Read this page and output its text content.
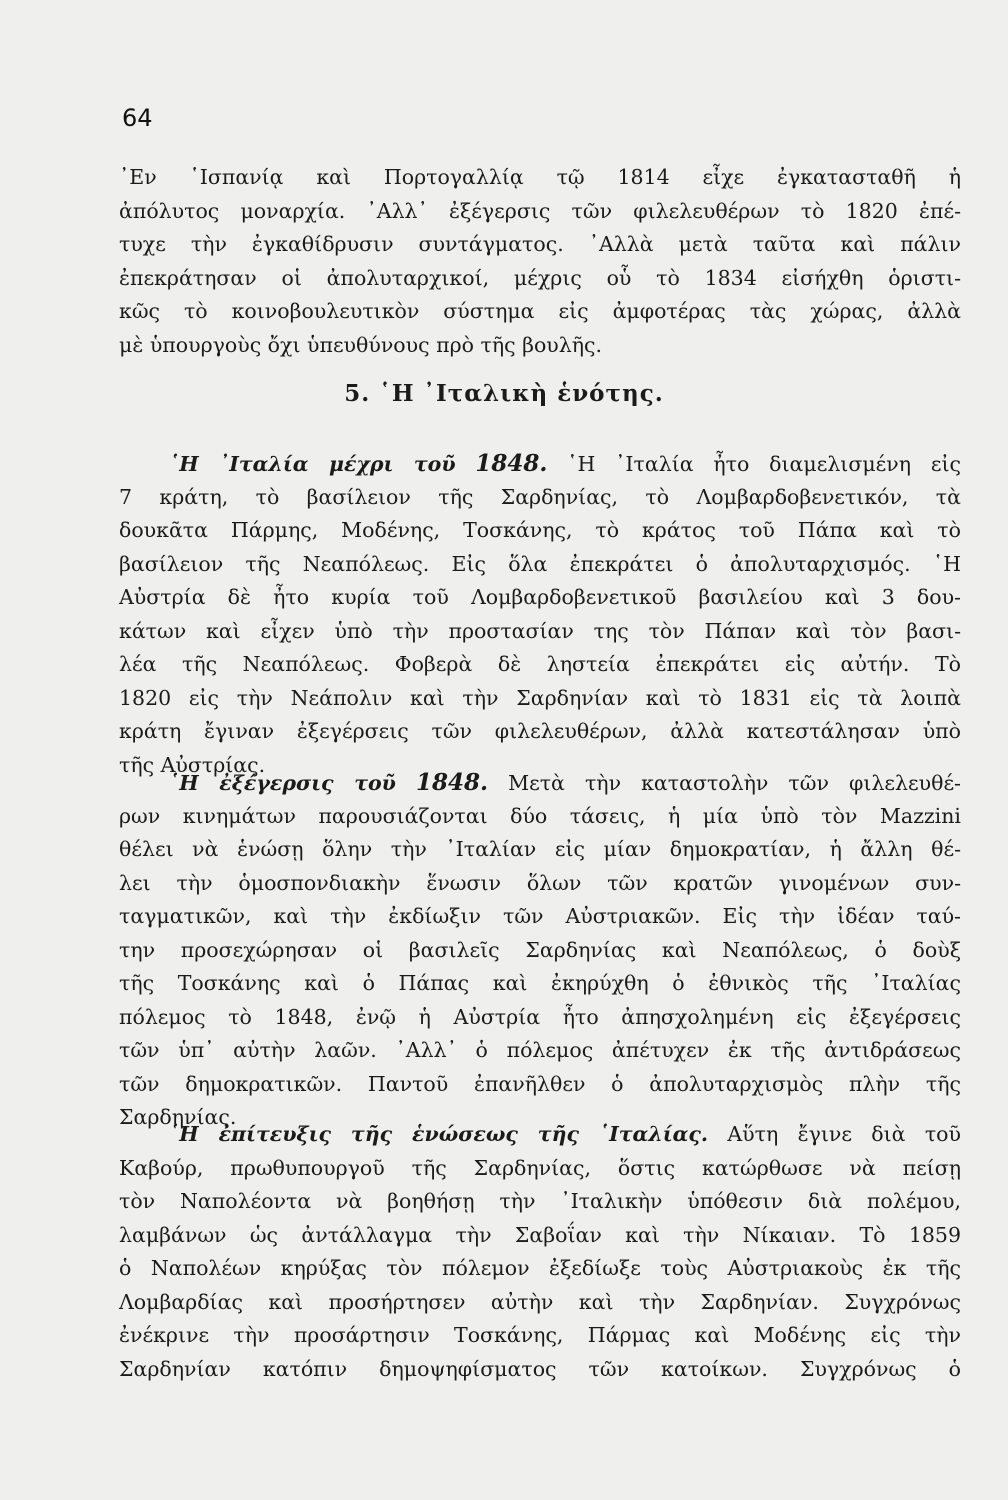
64
᾿Εν ῾Ισπανίᾳ καὶ Πορτογαλλίᾳ τῷ 1814 εἶχε ἐγκατασταθῆ ἡ
ἀπόλυτος μοναρχία. ᾿Αλλ᾿ ἐξέγερσις τῶν φιλελευθέρων τὸ 1820 ἐπέ-
τυχε τὴν ἐγκαθίδρυσιν συντάγματος. ᾿Αλλὰ μετὰ ταῦτα καὶ πάλιν
ἐπεκράτησαν οἱ ἀπολυταρχικοί, μέχρις οὗ τὸ 1834 εἰσήχθη ὁριστι-
κῶς τὸ κοινοβουλευτικὸν σύστημα εἰς ἀμφοτέρας τὰς χώρας, ἀλλὰ
μὲ ὑπουργοὺς ὄχι ὑπευθύνους πρὸ τῆς βουλῆς.
5. ῾Η ᾿Ιταλικὴ ἑνότης.
῾Η ᾿Ιταλία μέχρι τοῦ 1848. ῾Η ᾿Ιταλία ἦτο διαμελισμένη εἰς
7 κράτη, τὸ βασίλειον τῆς Σαρδηνίας, τὸ Λομβαρδοβενετικόν, τὰ
δουκᾶτα Πάρμης, Μοδένης, Τοσκάνης, τὸ κράτος τοῦ Πάπα καὶ τὸ
βασίλειον τῆς Νεαπόλεως. Εἰς ὅλα ἐπεκράτει ὁ ἀπολυταρχισμός. ῾Η
Αὐστρία δὲ ἦτο κυρία τοῦ Λομβαρδοβενετικοῦ βασιλείου καὶ 3 δου-
κάτων καὶ εἶχεν ὑπὸ τὴν προστασίαν της τὸν Πάπαν καὶ τὸν βασι-
λέα τῆς Νεαπόλεως. Φοβερὰ δὲ ληστεία ἐπεκράτει εἰς αὐτήν. Τὸ
1820 εἰς τὴν Νεάπολιν καὶ τὴν Σαρδηνίαν καὶ τὸ 1831 εἰς τὰ λοιπὰ
κράτη ἔγιναν ἐξεγέρσεις τῶν φιλελευθέρων, ἀλλὰ κατεστάλησαν ὑπὸ
τῆς Αὐστρίας.
῾Η ἐξέγερσις τοῦ 1848. Μετὰ τὴν καταστολὴν τῶν φιλελευθέ-
ρων κινημάτων παρουσιάζονται δύο τάσεις, ἡ μία ὑπὸ τὸν Mazzini
θέλει νὰ ἑνώσῃ ὅλην τὴν ᾿Ιταλίαν εἰς μίαν δημοκρατίαν, ἡ ἄλλη θέ-
λει τὴν ὁμοσπονδιακὴν ἕνωσιν ὅλων τῶν κρατῶν γινομένων συν-
ταγματικῶν, καὶ τὴν ἐκδίωξιν τῶν Αὐστριακῶν. Εἰς τὴν ἰδέαν ταύ-
την προσεχώρησαν οἱ βασιλεῖς Σαρδηνίας καὶ Νεαπόλεως, ὁ δοὺξ
τῆς Τοσκάνης καὶ ὁ Πάπας καὶ ἐκηρύχθη ὁ ἐθνικὸς τῆς ᾿Ιταλίας
πόλεμος τὸ 1848, ἐνῷ ἡ Αὐστρία ἦτο ἀπησχολημένη εἰς ἐξεγέρσεις
τῶν ὑπ᾿ αὐτὴν λαῶν. ᾿Αλλ᾿ ὁ πόλεμος ἀπέτυχεν ἐκ τῆς ἀντιδράσεως
τῶν δημοκρατικῶν. Παντοῦ ἐπανῆλθεν ὁ ἀπολυταρχισμὸς πλὴν τῆς
Σαρδηνίας.
῾Η ἐπίτευξις τῆς ἑνώσεως τῆς ῾Ιταλίας. Αὕτη ἔγινε διὰ τοῦ
Καβούρ, πρωθυπουργοῦ τῆς Σαρδηνίας, ὅστις κατώρθωσε νὰ πείσῃ
τὸν Ναπολέοντα νὰ βοηθήσῃ τὴν ᾿Ιταλικὴν ὑπόθεσιν διὰ πολέμου,
λαμβάνων ὡς ἀντάλλαγμα τὴν Σαβοΐαν καὶ τὴν Νίκαιαν. Τὸ 1859
ὁ Ναπολέων κηρύξας τὸν πόλεμον ἐξεδίωξε τοὺς Αὐστριακοὺς ἐκ τῆς
Λομβαρδίας καὶ προσήρτησεν αὐτὴν καὶ τὴν Σαρδηνίαν. Συγχρόνως
ἐνέκρινε τὴν προσάρτησιν Τοσκάνης, Πάρμας καὶ Μοδένης εἰς τὴν
Σαρδηνίαν κατόπιν δημοψηφίσματος τῶν κατοίκων. Συγχρόνως ὁ
